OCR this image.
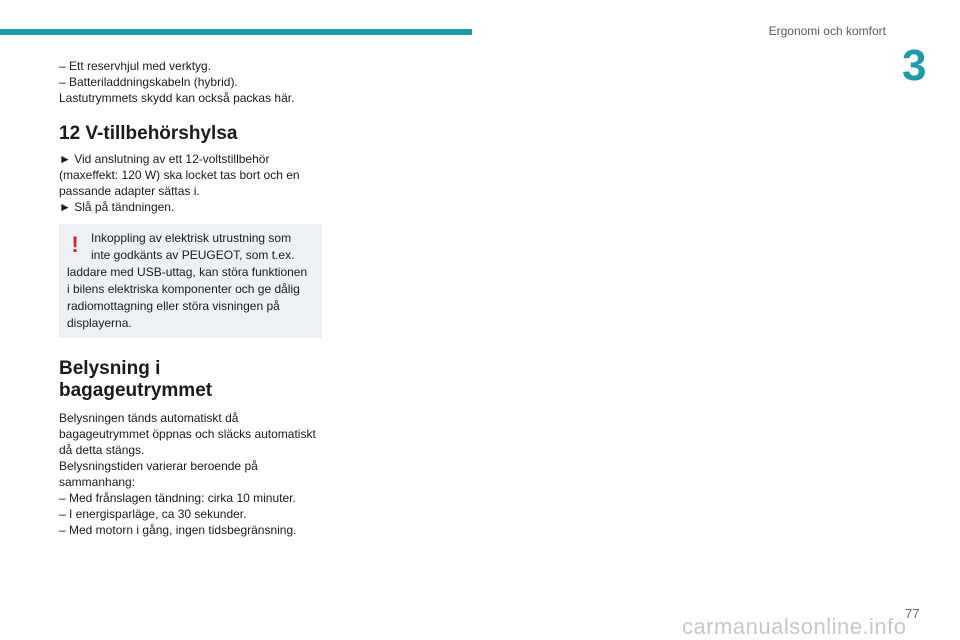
Ergonomi och komfort
3

– Ett reservhjul med verktyg.

– Batteriladdningskabeln (hybrid).

Lastutrymmets skydd kan också packas här.

12 V-tillbehörshylsa

► Vid anslutning av ett 12-voltstillbehör

(maxeffekt: 120 W) ska locket tas bort och en

passande adapter sättas i.

► Slå på tändningen.

!	Inkoppling av elektrisk utrustning som

inte godkänts av PEUGEOT, som t.ex.

laddare med USB-uttag, kan störa funktionen

i bilens elektriska komponenter och ge dålig

radiomottagning eller störa visningen på

displayerna.

Belysning i
bagageutrymmet

Belysningen tänds automatiskt då

bagageutrymmet öppnas och släcks automatiskt

då detta stängs.

Belysningstiden varierar beroende på

sammanhang:

– Med frånslagen tändning: cirka 10 minuter.

– I energisparläge, ca 30 sekunder.

– Med motorn i gång, ingen tidsbegränsning.

77
carmanualsonline.info
